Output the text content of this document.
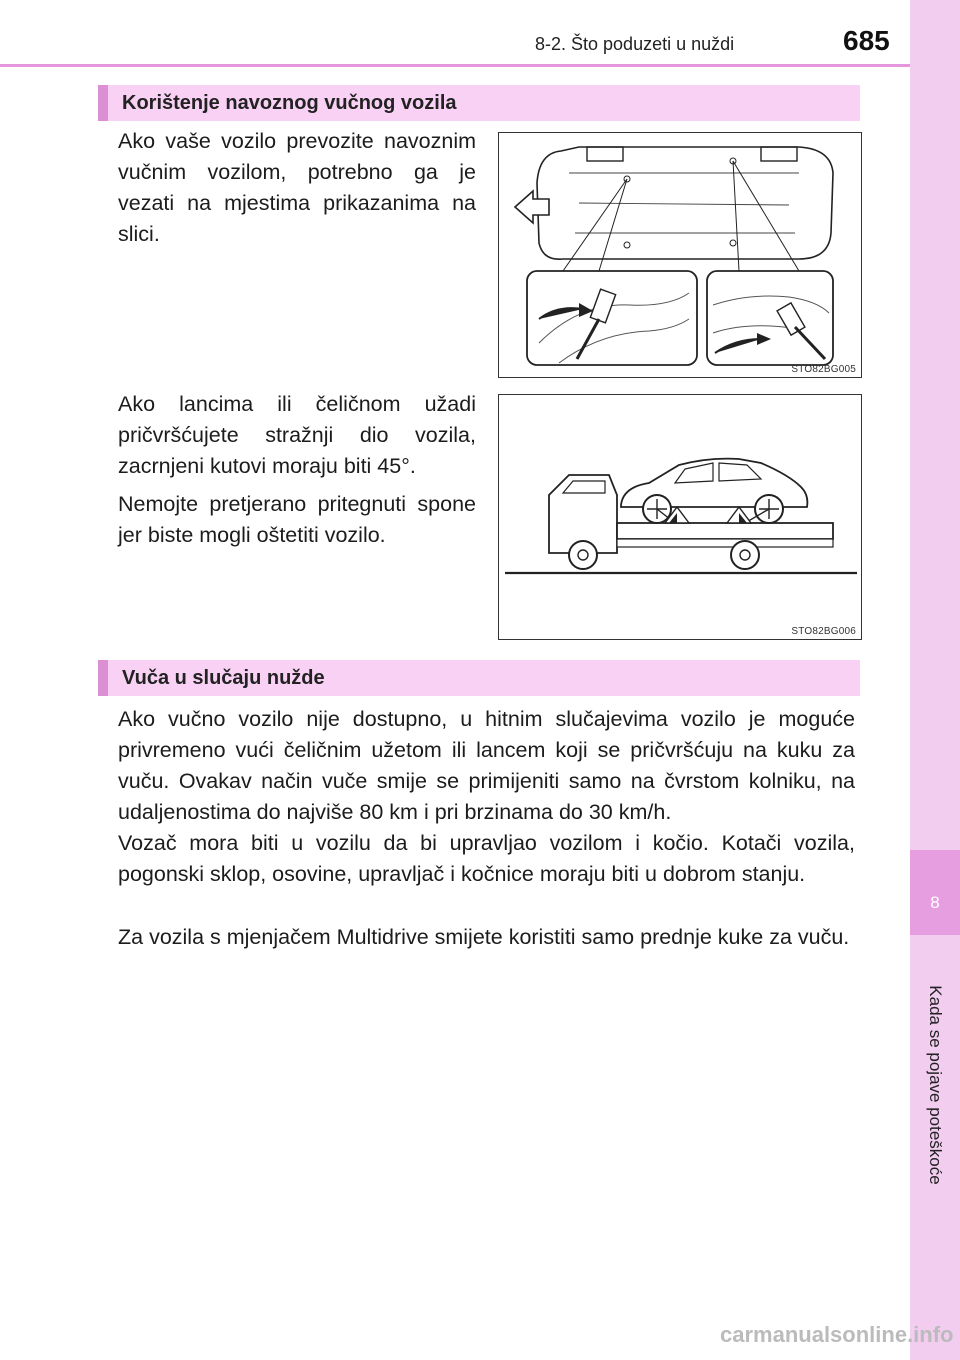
8
Kada se pojave poteškoće
8-2. Što poduzeti u nuždi	685
Korištenje navoznog vučnog vozila

Ako vaše vozilo prevozite navoznim vučnim vozilom, potrebno ga je vezati na mjestima prikazanima na slici.

Ako lancima ili čeličnom užadi pričvršćujete stražnji dio vozila, zacrnjeni kutovi moraju biti 45°.

Nemojte pretjerano pritegnuti spone jer biste mogli oštetiti vozilo.

STO82BG005
STO82BG006
Vuča u slučaju nužde

Ako vučno vozilo nije dostupno, u hitnim slučajevima vozilo je moguće privremeno vući čeličnim užetom ili lancem koji se pričvršćuju na kuku za vuču. Ovakav način vuče smije se primijeniti samo na čvrstom kolniku, na udaljenostima do najviše 80 km i pri brzinama do 30 km/h.

Vozač mora biti u vozilu da bi upravljao vozilom i kočio. Kotači vozila, pogonski sklop, osovine, upravljač i kočnice moraju biti u dobrom stanju.

Za vozila s mjenjačem Multidrive smijete koristiti samo prednje kuke za vuču.

carmanualsonline.info
